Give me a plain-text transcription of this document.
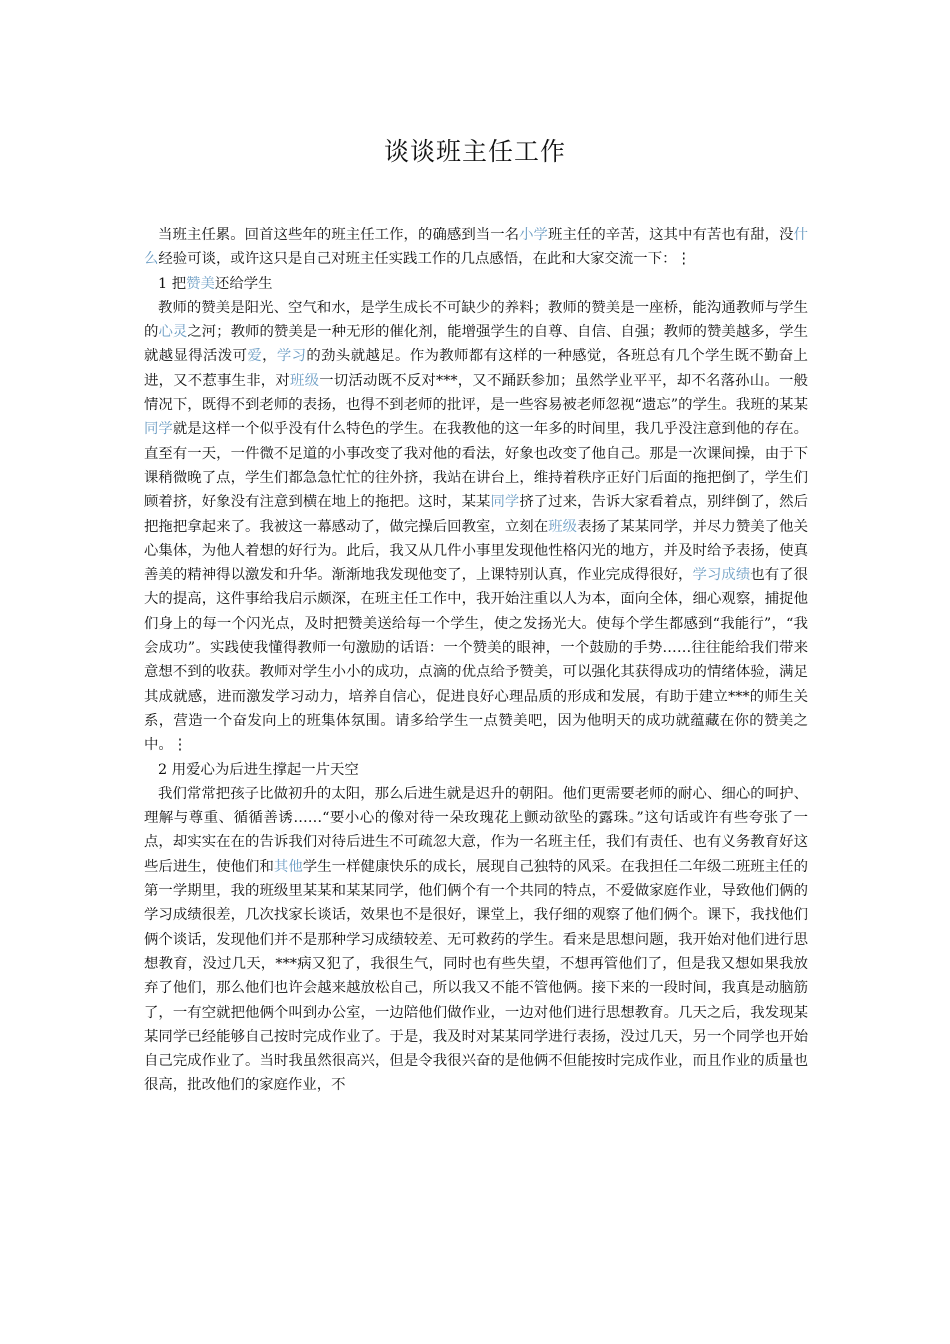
谈谈班主任工作

当班主任累。回首这些年的班主任工作，的确感到当一名小学班主任的辛苦，这其中有苦也有甜，没什么经验可谈，或许这只是自己对班主任实践工作的几点感悟，在此和大家交流一下：⋮

1 把赞美还给学生

教师的赞美是阳光、空气和水，是学生成长不可缺少的养料；教师的赞美是一座桥，能沟通教师与学生的心灵之河；教师的赞美是一种无形的催化剂，能增强学生的自尊、自信、自强；教师的赞美越多，学生就越显得活泼可爱，学习的劲头就越足。作为教师都有这样的一种感觉，各班总有几个学生既不勤奋上进，又不惹事生非，对班级一切活动既不反对***，又不踊跃参加；虽然学业平平，却不名落孙山。一般情况下，既得不到老师的表扬，也得不到老师的批评，是一些容易被老师忽视“遗忘”的学生。我班的某某同学就是这样一个似乎没有什么特色的学生。在我教他的这一年多的时间里，我几乎没注意到他的存在。直至有一天，一件微不足道的小事改变了我对他的看法，好象也改变了他自己。那是一次课间操，由于下课稍微晚了点，学生们都急急忙忙的往外挤，我站在讲台上，维持着秩序正好门后面的拖把倒了，学生们顾着挤，好象没有注意到横在地上的拖把。这时，某某同学挤了过来，告诉大家看着点，别绊倒了，然后把拖把拿起来了。我被这一幕感动了，做完操后回教室，立刻在班级表扬了某某同学，并尽力赞美了他关心集体，为他人着想的好行为。此后，我又从几件小事里发现他性格闪光的地方，并及时给予表扬，使真善美的精神得以激发和升华。渐渐地我发现他变了，上课特别认真，作业完成得很好，学习成绩也有了很大的提高，这件事给我启示颇深，在班主任工作中，我开始注重以人为本，面向全体，细心观察，捕捉他们身上的每一个闪光点，及时把赞美送给每一个学生，使之发扬光大。使每个学生都感到“我能行”，“我会成功”。实践使我懂得教师一句激励的话语：一个赞美的眼神，一个鼓励的手势……往往能给我们带来意想不到的收获。教师对学生小小的成功，点滴的优点给予赞美，可以强化其获得成功的情绪体验，满足其成就感，进而激发学习动力，培养自信心，促进良好心理品质的形成和发展，有助于建立***的师生关系，营造一个奋发向上的班集体氛围。请多给学生一点赞美吧，因为他明天的成功就蕴藏在你的赞美之中。⋮

2 用爱心为后进生撑起一片天空

我们常常把孩子比做初升的太阳，那么后进生就是迟升的朝阳。他们更需要老师的耐心、细心的呵护、理解与尊重、循循善诱……“要小心的像对待一朵玫瑰花上颤动欲坠的露珠。”这句话或许有些夸张了一点，却实实在在的告诉我们对待后进生不可疏忽大意，作为一名班主任，我们有责任、也有义务教育好这些后进生，使他们和其他学生一样健康快乐的成长，展现自己独特的风采。在我担任二年级二班班主任的第一学期里，我的班级里某某和某某同学，他们俩个有一个共同的特点，不爱做家庭作业，导致他们俩的学习成绩很差，几次找家长谈话，效果也不是很好，课堂上，我仔细的观察了他们俩个。课下，我找他们俩个谈话，发现他们并不是那种学习成绩较差、无可救药的学生。看来是思想问题，我开始对他们进行思想教育，没过几天，***病又犯了，我很生气，同时也有些失望，不想再管他们了，但是我又想如果我放弃了他们，那么他们也许会越来越放松自己，所以我又不能不管他俩。接下来的一段时间，我真是动脑筋了，一有空就把他俩个叫到办公室，一边陪他们做作业，一边对他们进行思想教育。几天之后，我发现某某同学已经能够自己按时完成作业了。于是，我及时对某某同学进行表扬，没过几天，另一个同学也开始自己完成作业了。当时我虽然很高兴，但是令我很兴奋的是他俩不但能按时完成作业，而且作业的质量也很高，批改他们的家庭作业，不
